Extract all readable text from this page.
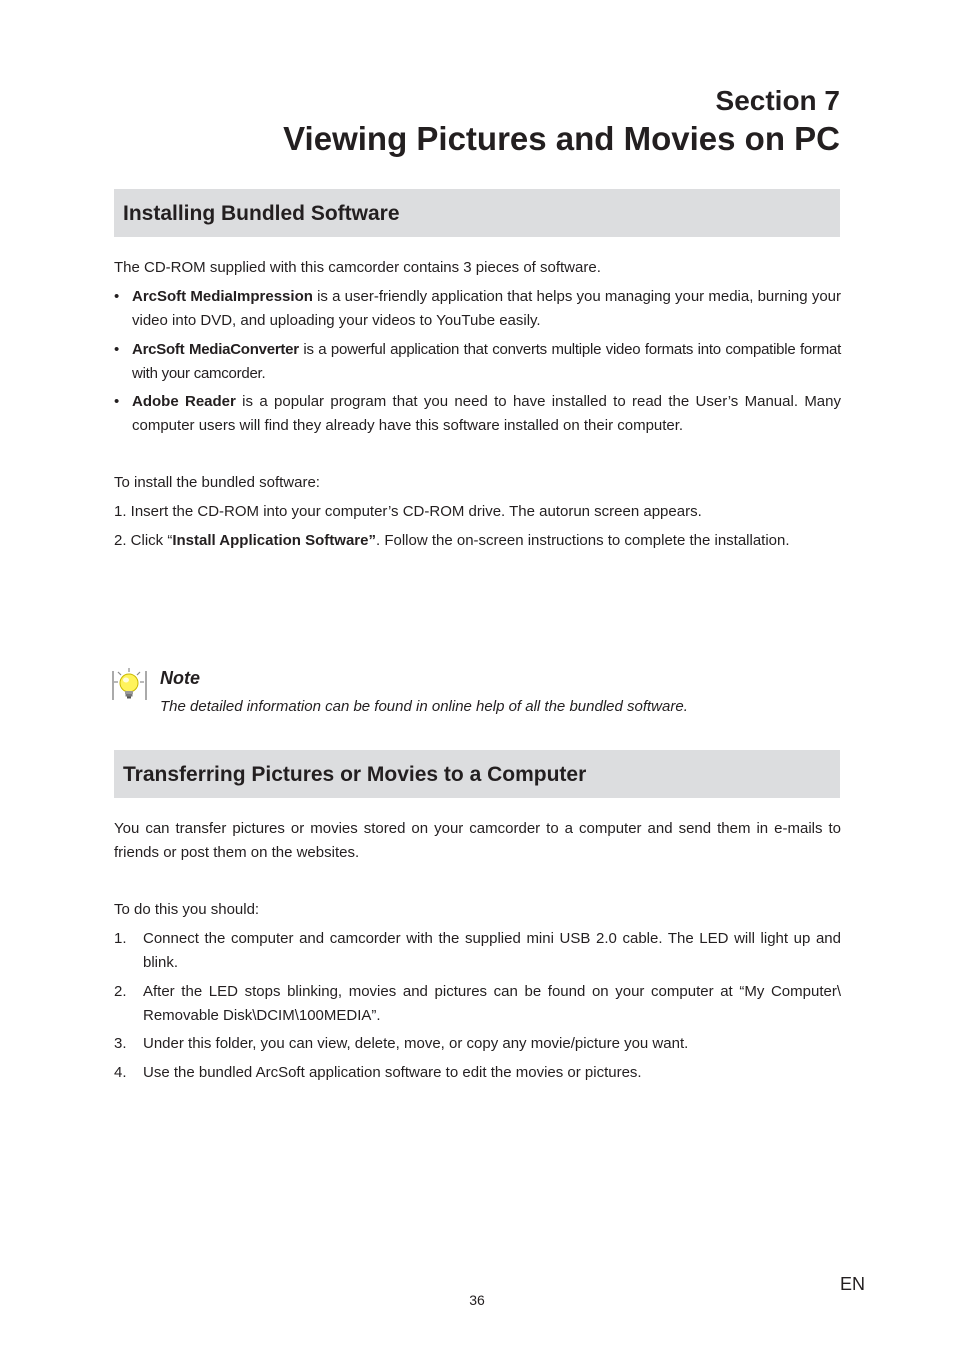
Section 7
Viewing Pictures and Movies on PC
Installing Bundled Software

The CD-ROM supplied with this camcorder contains 3 pieces of software.

• ArcSoft MediaImpression is a user-friendly application that helps you managing your media, burning your video into DVD, and uploading your videos to YouTube easily.
• ArcSoft MediaConverter is a powerful application that converts multiple video formats into compatible format with your camcorder.
• Adobe Reader is a popular program that you need to have installed to read the User’s Manual. Many computer users will find they already have this software installed on their computer.

To install the bundled software:

1. Insert the CD-ROM into your computer’s CD-ROM drive. The autorun screen appears.

2. Click “Install Application Software”. Follow the on-screen instructions to complete the installation.

Note
The detailed information can be found in online help of all the bundled software.
Transferring Pictures or Movies to a Computer

You can transfer pictures or movies stored on your camcorder to a computer and send them in e-mails to friends or post them on the websites.

To do this you should:

1. Connect the computer and camcorder with the supplied mini USB 2.0 cable. The LED will light up and blink.
2. After the LED stops blinking, movies and pictures can be found on your computer at “My Computer\ Removable Disk\DCIM\100MEDIA”.
3. Under this folder, you can view, delete, move, or copy any movie/picture you want.
4. Use the bundled ArcSoft application software to edit the movies or pictures.
EN
36
